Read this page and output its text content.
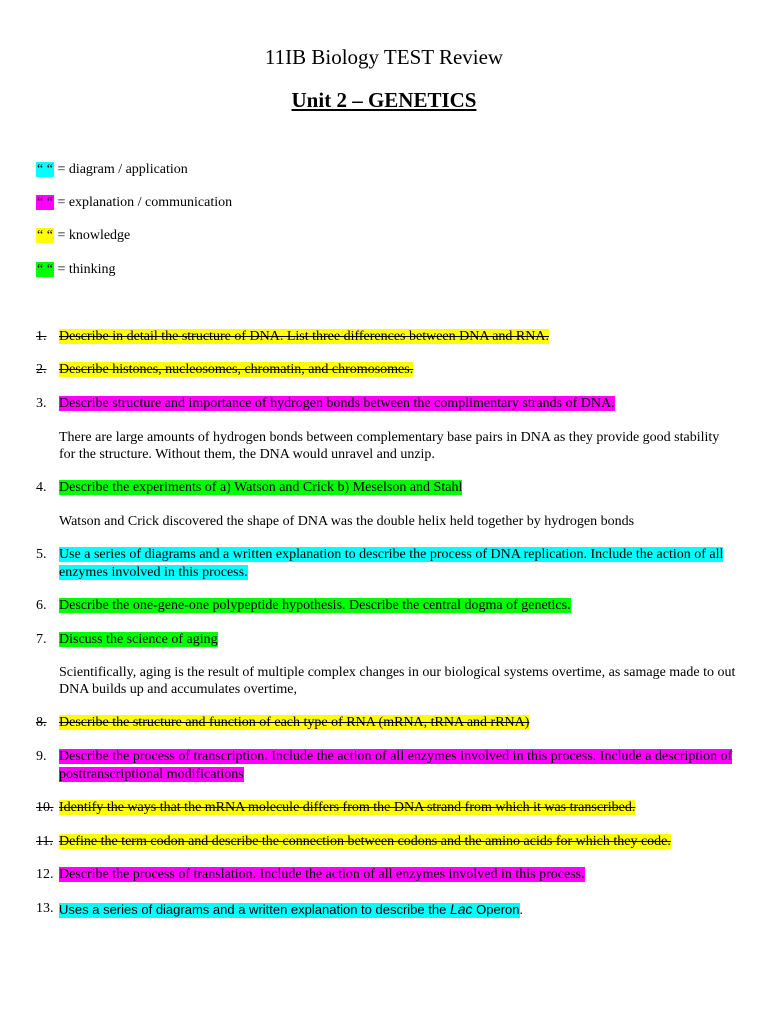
11IB Biology TEST Review
Unit 2 – GENETICS
“ “ = diagram / application
“ “ = explanation / communication
“ “ = knowledge
“ “ = thinking
1. Describe in detail the structure of DNA. List three differences between DNA and RNA.
2. Describe histones, nucleosomes, chromatin, and chromosomes.
3. Describe structure and importance of hydrogen bonds between the complimentary strands of DNA.
There are large amounts of hydrogen bonds between complementary base pairs in DNA as they provide good stability for the structure. Without them, the DNA would unravel and unzip.
4. Describe the experiments of a) Watson and Crick b) Meselson and Stahl
Watson and Crick discovered the shape of DNA was the double helix held together by hydrogen bonds
5. Use a series of diagrams and a written explanation to describe the process of DNA replication. Include the action of all enzymes involved in this process.
6. Describe the one-gene-one polypeptide hypothesis. Describe the central dogma of genetics.
7. Discuss the science of aging
Scientifically, aging is the result of multiple complex changes in our biological systems overtime, as samage made to out DNA builds up and accumulates overtime,
8. Describe the structure and function of each type of RNA (mRNA, tRNA and rRNA)
9. Describe the process of transcription. Include the action of all enzymes involved in this process. Include a description of posttranscriptional modifications
10. Identify the ways that the mRNA molecule differs from the DNA strand from which it was transcribed.
11. Define the term codon and describe the connection between codons and the amino acids for which they code.
12. Describe the process of translation. Include the action of all enzymes involved in this process.
13. Uses a series of diagrams and a written explanation to describe the Lac Operon.
